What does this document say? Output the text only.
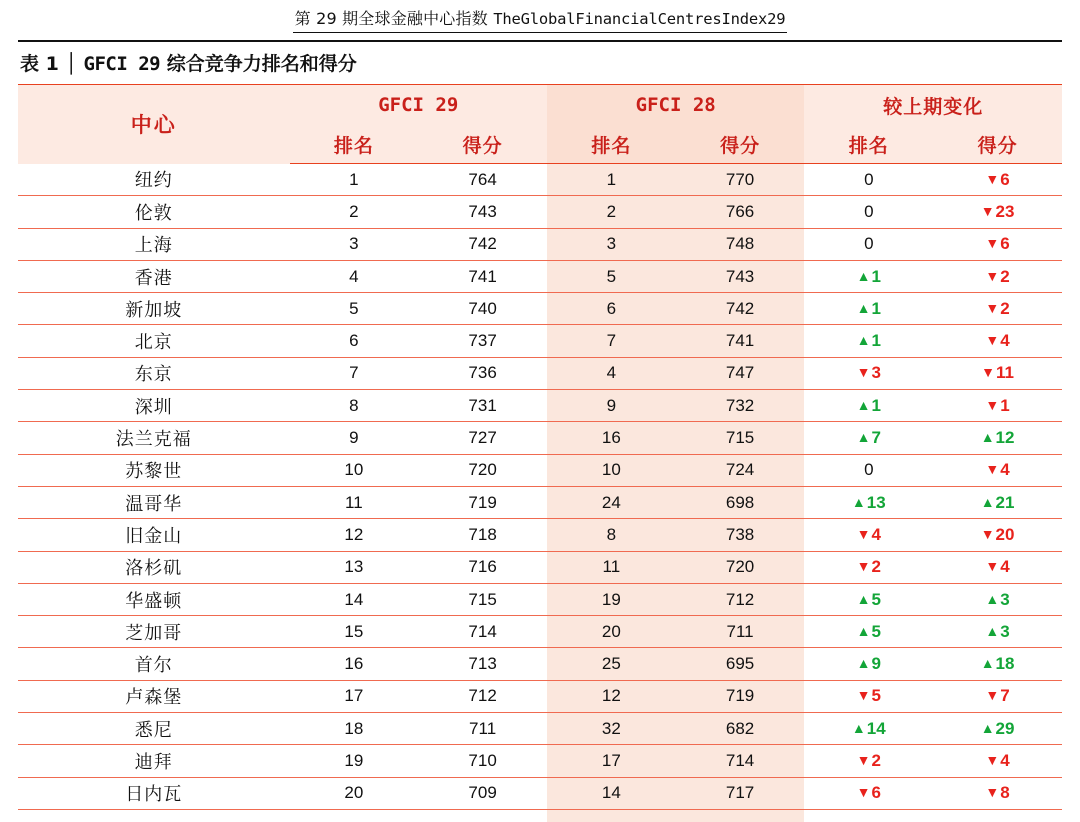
第 29 期全球金融中心指数 TheGlobalFinancialCentresIndex29
表 1 │ GFCI 29 综合竞争力排名和得分
中心	GFCI 29		GFCI 28		较上期变化	
	排名	得分	排名	得分	排名	得分
纽约	1	764	1	770	0	▼6
伦敦	2	743	2	766	0	▼23
上海	3	742	3	748	0	▼6
香港	4	741	5	743	▲1	▼2
新加坡	5	740	6	742	▲1	▼2
北京	6	737	7	741	▲1	▼4
东京	7	736	4	747	▼3	▼11
深圳	8	731	9	732	▲1	▼1
法兰克福	9	727	16	715	▲7	▲12
苏黎世	10	720	10	724	0	▼4
温哥华	11	719	24	698	▲13	▲21
旧金山	12	718	8	738	▼4	▼20
洛杉矶	13	716	11	720	▼2	▼4
华盛顿	14	715	19	712	▲5	▲3
芝加哥	15	714	20	711	▲5	▲3
首尔	16	713	25	695	▲9	▲18
卢森堡	17	712	12	719	▼5	▼7
悉尼	18	711	32	682	▲14	▲29
迪拜	19	710	17	714	▼2	▼4
日内瓦	20	709	14	717	▼6	▼8
